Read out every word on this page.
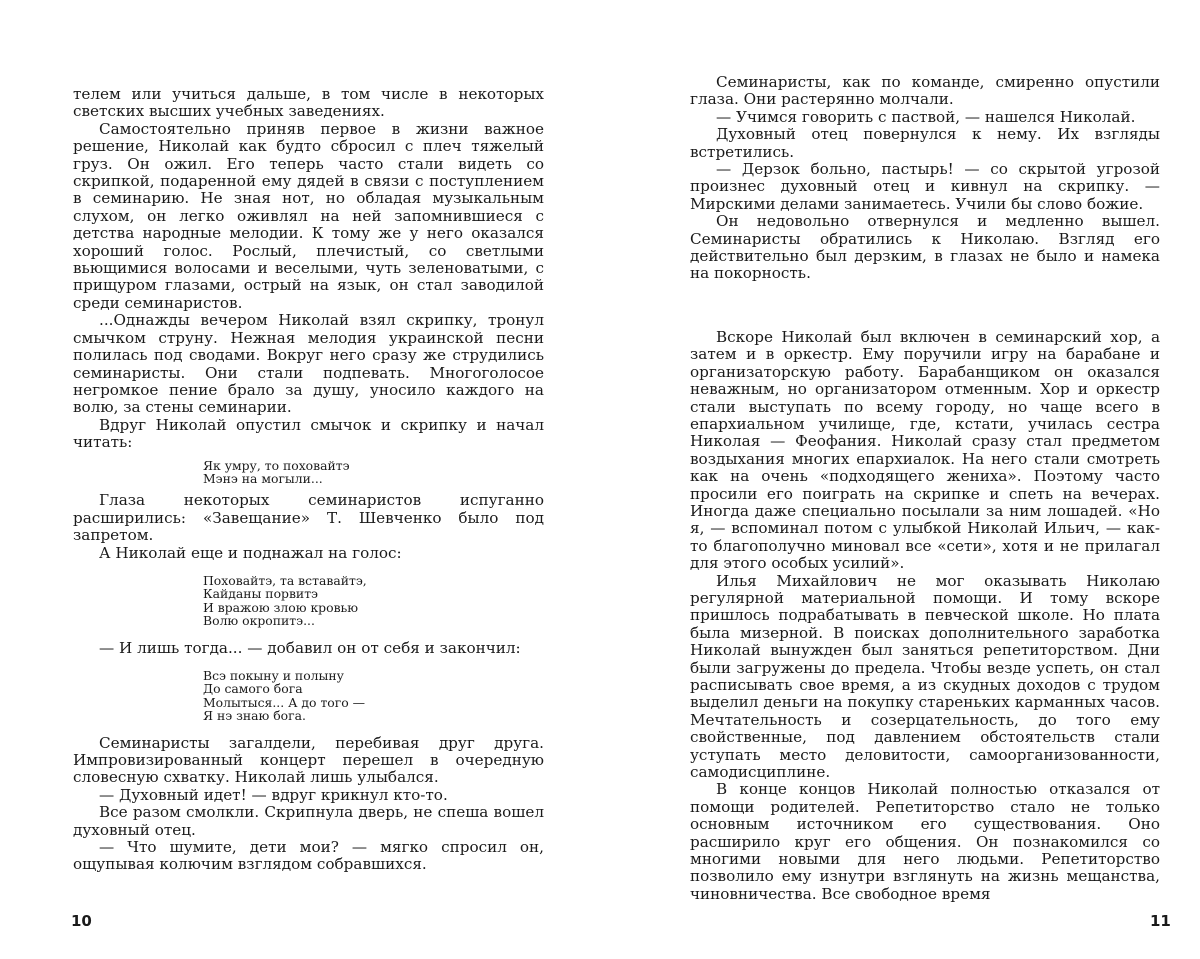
телем или учиться дальше, в том числе в некоторых светских высших учебных заведениях.

Самостоятельно приняв первое в жизни важное решение, Николай как будто сбросил с плеч тяжелый груз. Он ожил. Его теперь часто стали видеть со скрипкой, подаренной ему дядей в связи с поступлением в семинарию. Не зная нот, но обладая музыкальным слухом, он легко оживлял на ней запомнившиеся с детства народные мелодии. К тому же у него оказался хороший голос. Рослый, плечистый, со светлыми вьющимися волосами и веселыми, чуть зеленоватыми, с прищуром глазами, острый на язык, он стал заводилой среди семинаристов.

...Однажды вечером Николай взял скрипку, тронул смычком струну. Нежная мелодия украинской песни полилась под сводами. Вокруг него сразу же струдились семинаристы. Они стали подпевать. Многоголосое негромкое пение брало за душу, уносило каждого на волю, за стены семинарии.

Вдруг Николай опустил смычок и скрипку и начал читать:

Як умру, то поховайтэ
Мэнэ на могыли...

Глаза некоторых семинаристов испуганно расширились: «Завещание» Т. Шевченко было под запретом.

А Николай еще и поднажал на голос:

Поховайтэ, та вставайтэ,
Кайданы порвитэ
И вражою злою кровью
Волю окропитэ...

— И лишь тогда... — добавил он от себя и закончил:

Всэ покыну и полыну
До самого бога
Молытыся... А до того —
Я нэ знаю бога.

Семинаристы загалдели, перебивая друг друга. Импровизированный концерт перешел в очередную словесную схватку. Николай лишь улыбался.

— Духовный идет! — вдруг крикнул кто-то.

Все разом смолкли. Скрипнула дверь, не спеша вошел духовный отец.

— Что шумите, дети мои? — мягко спросил он, ощупывая колючим взглядом собравшихся.

10

Семинаристы, как по команде, смиренно опустили глаза. Они растерянно молчали.

— Учимся говорить с паствой, — нашелся Николай.

Духовный отец повернулся к нему. Их взгляды встретились.

— Дерзок больно, пастырь! — со скрытой угрозой произнес духовный отец и кивнул на скрипку. — Мирскими делами занимаетесь. Учили бы слово божие.

Он недовольно отвернулся и медленно вышел. Семинаристы обратились к Николаю. Взгляд его действительно был дерзким, в глазах не было и намека на покорность.

Вскоре Николай был включен в семинарский хор, а затем и в оркестр. Ему поручили игру на барабане и организаторскую работу. Барабанщиком он оказался неважным, но организатором отменным. Хор и оркестр стали выступать по всему городу, но чаще всего в епархиальном училище, где, кстати, училась сестра Николая — Феофания. Николай сразу стал предметом воздыхания многих епархиалок. На него стали смотреть как на очень «подходящего жениха». Поэтому часто просили его поиграть на скрипке и спеть на вечерах. Иногда даже специально посылали за ним лошадей. «Но я, — вспоминал потом с улыбкой Николай Ильич, — как-то благополучно миновал все «сети», хотя и не прилагал для этого особых усилий».

Илья Михайлович не мог оказывать Николаю регулярной материальной помощи. И тому вскоре пришлось подрабатывать в певческой школе. Но плата была мизерной. В поисках дополнительного заработка Николай вынужден был заняться репетиторством. Дни были загружены до предела. Чтобы везде успеть, он стал расписывать свое время, а из скудных доходов с трудом выделил деньги на покупку стареньких карманных часов. Мечтательность и созерцательность, до того ему свойственные, под давлением обстоятельств стали уступать место деловитости, самоорганизованности, самодисциплине.

В конце концов Николай полностью отказался от помощи родителей. Репетиторство стало не только основным источником его существования. Оно расширило круг его общения. Он познакомился со многими новыми для него людьми. Репетиторство позволило ему изнутри взглянуть на жизнь мещанства, чиновничества. Все свободное время

11
